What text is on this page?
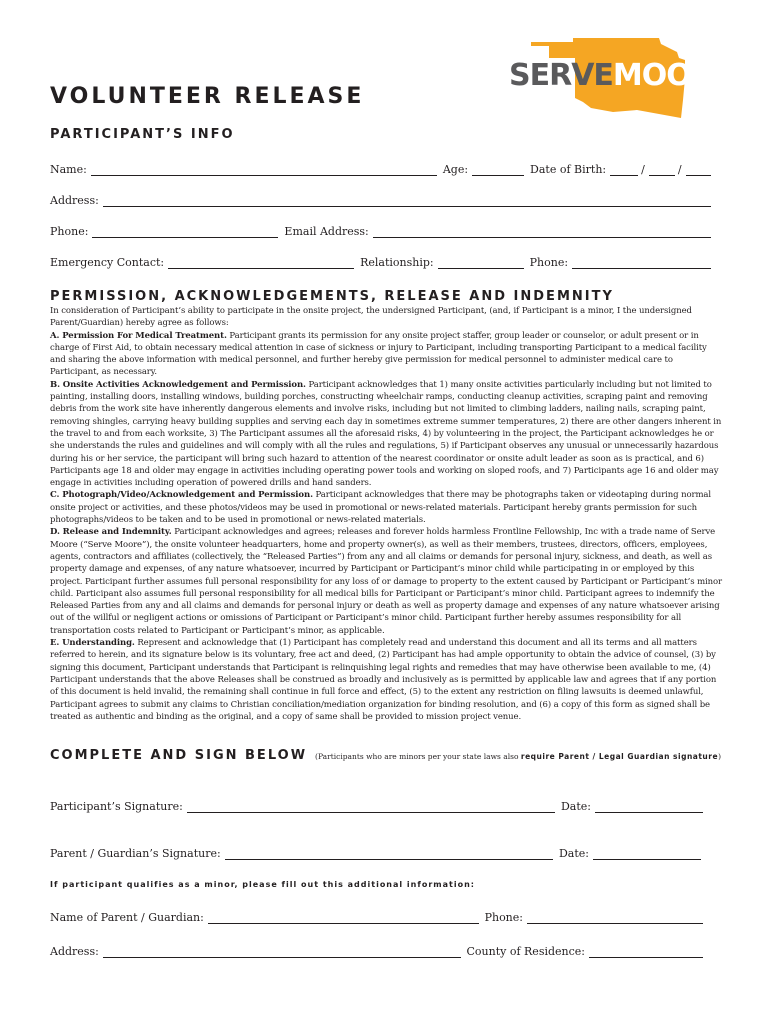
SERVEMOORE
VOLUNTEER RELEASE
PARTICIPANT’S INFO
Name:	Age:	Date of Birth:	/	/
Address:
Phone:	Email Address:
Emergency Contact:	Relationship:	Phone:
PERMISSION, ACKNOWLEDGEMENTS, RELEASE AND INDEMNITY
In consideration of Participant’s ability to participate in the onsite project, the undersigned Participant, (and, if Participant is a minor, I the undersigned Parent/Guardian) hereby agree as follows:
A. Permission For Medical Treatment. Participant grants its permission for any onsite project staffer, group leader or counselor, or adult present or in charge of First Aid, to obtain necessary medical attention in case of sickness or injury to Participant, including transporting Participant to a medical facility and sharing the above information with medical personnel, and further hereby give permission for medical personnel to administer medical care to Participant, as necessary.
B. Onsite Activities Acknowledgement and Permission. Participant acknowledges that 1) many onsite activities particularly including but not limited to painting, installing doors, installing windows, building porches, constructing wheelchair ramps, conducting cleanup activities, scraping paint and removing debris from the work site have inherently dangerous elements and involve risks, including but not limited to climbing ladders, nailing nails, scraping paint, removing shingles, carrying heavy building supplies and serving each day in sometimes extreme summer temperatures, 2) there are other dangers inherent in the travel to and from each worksite, 3) The Participant assumes all the aforesaid risks, 4) by volunteering in the project, the Participant acknowledges he or she understands the rules and guidelines and will comply with all the rules and regulations, 5) if Participant observes any unusual or unnecessarily hazardous during his or her service, the participant will bring such hazard to attention of the nearest coordinator or onsite adult leader as soon as is practical, and 6) Participants age 18 and older may engage in activities including operating power tools and working on sloped roofs, and 7) Participants age 16 and older may engage in activities including operation of powered drills and hand sanders.
C. Photograph/Video/Acknowledgement and Permission. Participant acknowledges that there may be photographs taken or videotaping during normal onsite project or activities, and these photos/videos may be used in promotional or news-related materials. Participant hereby grants permission for such photographs/videos to be taken and to be used in promotional or news-related materials.
D. Release and Indemnity. Participant acknowledges and agrees; releases and forever holds harmless Frontline Fellowship, Inc with a trade name of Serve Moore (“Serve Moore”), the onsite volunteer headquarters, home and property owner(s), as well as their members, trustees, directors, officers, employees, agents, contractors and affiliates (collectively, the “Released Parties”) from any and all claims or demands for personal injury, sickness, and death, as well as property damage and expenses, of any nature whatsoever, incurred by Participant or Participant’s minor child while participating in or employed by this project. Participant further assumes full personal responsibility for any loss of or damage to property to the extent caused by Participant or Participant’s minor child. Participant also assumes full personal responsibility for all medical bills for Participant or Participant’s minor child. Participant agrees to indemnify the Released Parties from any and all claims and demands for personal injury or death as well as property damage and expenses of any nature whatsoever arising out of the willful or negligent actions or omissions of Participant or Participant’s minor child. Participant further hereby assumes responsibility for all transportation costs related to Participant or Participant’s minor, as applicable.
E. Understanding. Represent and acknowledge that (1) Participant has completely read and understand this document and all its terms and all matters referred to herein, and its signature below is its voluntary, free act and deed, (2) Participant has had ample opportunity to obtain the advice of counsel, (3) by signing this document, Participant understands that Participant is relinquishing legal rights and remedies that may have otherwise been available to me, (4) Participant understands that the above Releases shall be construed as broadly and inclusively as is permitted by applicable law and agrees that if any portion of this document is held invalid, the remaining shall continue in full force and effect, (5) to the extent any restriction on filing lawsuits is deemed unlawful, Participant agrees to submit any claims to Christian conciliation/mediation organization for binding resolution, and (6) a copy of this form as signed shall be treated as authentic and binding as the original, and a copy of same shall be provided to mission project venue.
COMPLETE AND SIGN BELOW (Participants who are minors per your state laws also require Parent / Legal Guardian signature)
Participant’s Signature:	Date:
Parent / Guardian’s Signature:	Date:
If participant qualifies as a minor, please fill out this additional information:
Name of Parent / Guardian:	Phone:
Address:	County of Residence:
